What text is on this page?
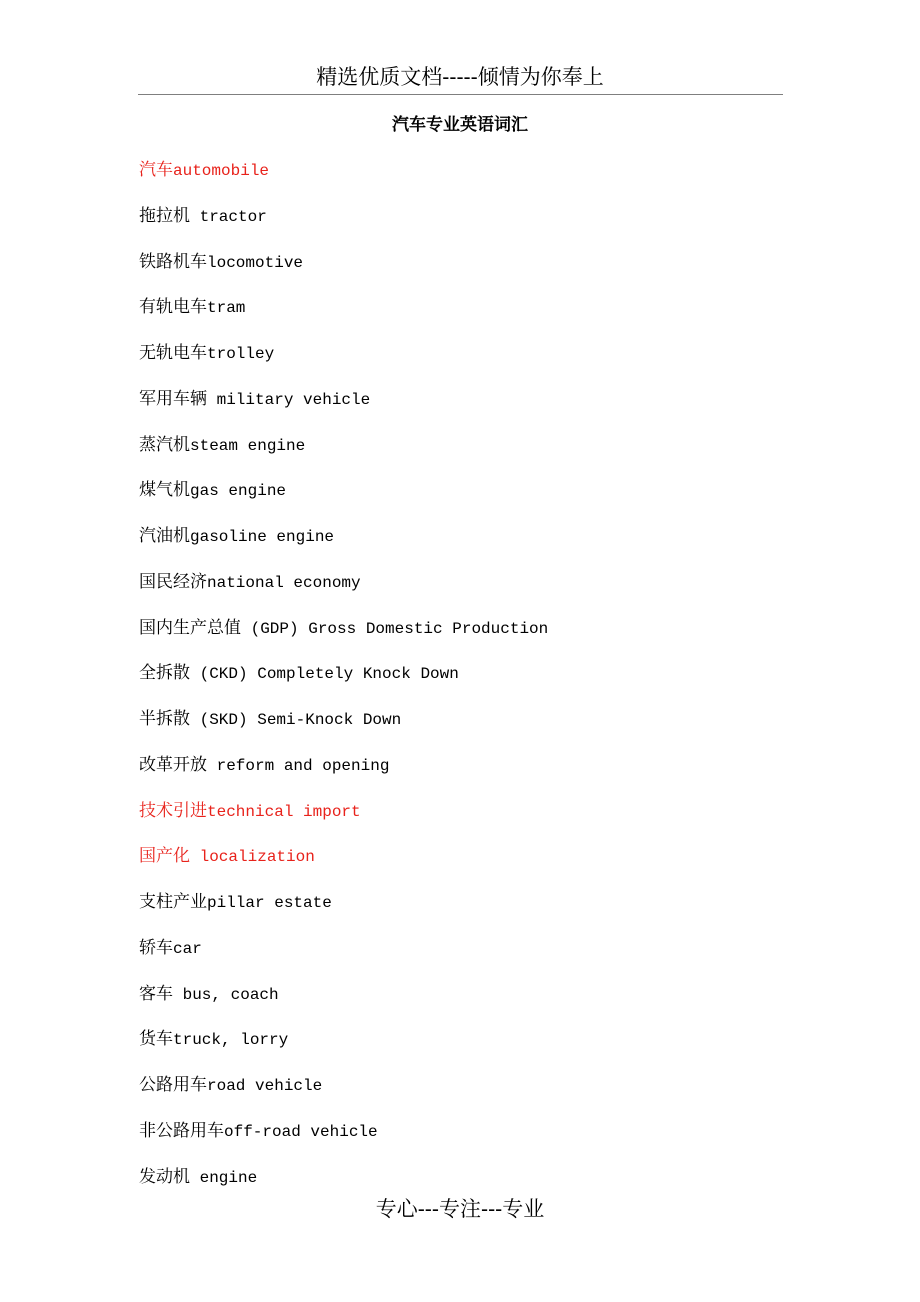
精选优质文档-----倾情为你奉上
汽车专业英语词汇
汽车automobile
拖拉机 tractor
铁路机车locomotive
有轨电车tram
无轨电车trolley
军用车辆 military vehicle
蒸汽机steam engine
煤气机gas engine
汽油机gasoline engine
国民经济national economy
国内生产总值 (GDP) Gross Domestic Production
全拆散 (CKD) Completely Knock Down
半拆散 (SKD) Semi-Knock Down
改革开放 reform and opening
技术引进technical import
国产化 localization
支柱产业pillar estate
轿车car
客车 bus, coach
货车truck, lorry
公路用车road vehicle
非公路用车off-road vehicle
发动机 engine
专心---专注---专业
